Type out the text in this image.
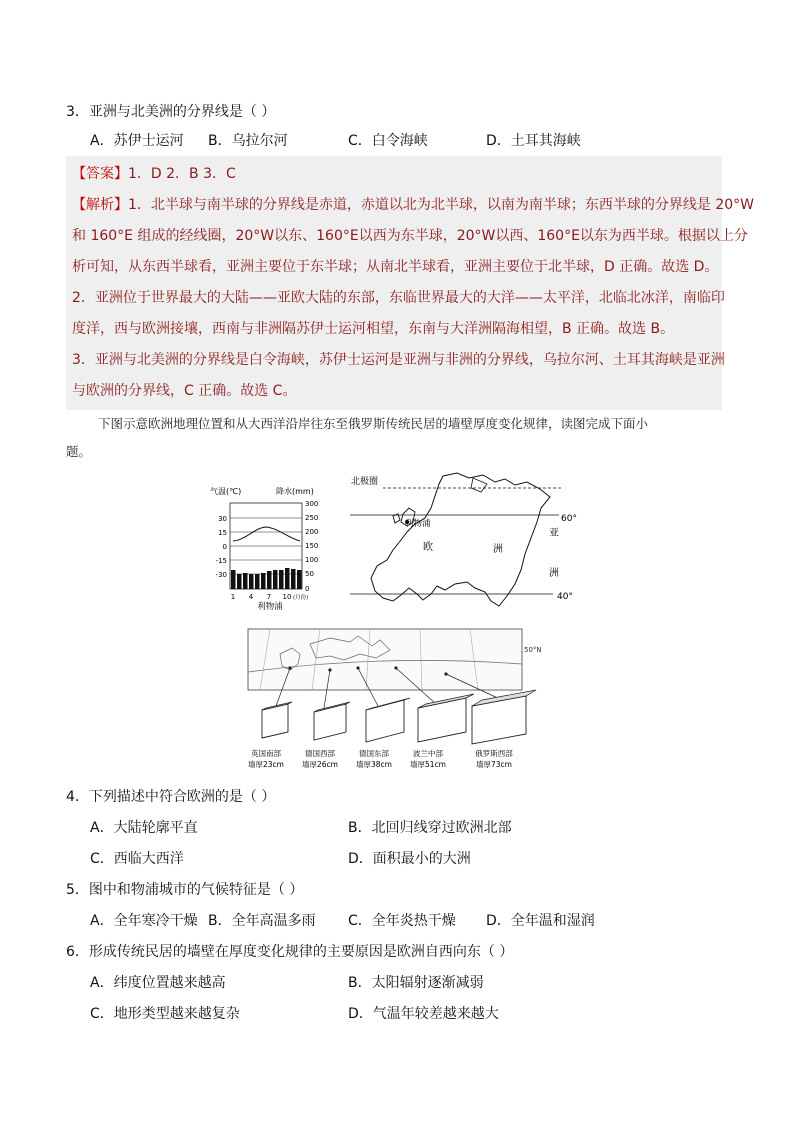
3．亚洲与北美洲的分界线是（ ）
A．苏伊士运河 B．乌拉尔河	C．白令海峡	D．土耳其海峡
【答案】1．D 2．B 3．C
【解析】1．北半球与南半球的分界线是赤道，赤道以北为北半球，以南为南半球；东西半球的分界线是 20°W
和 160°E 组成的经线圈，20°W以东、160°E以西为东半球，20°W以西、160°E以东为西半球。根据以上分
析可知，从东西半球看，亚洲主要位于东半球；从南北半球看，亚洲主要位于北半球，D 正确。故选 D。
2．亚洲位于世界最大的大陆——亚欧大陆的东部，东临世界最大的大洋——太平洋，北临北冰洋，南临印
度洋，西与欧洲接壤，西南与非洲隔苏伊士运河相望，东南与大洋洲隔海相望，B 正确。故选 B。
3．亚洲与北美洲的分界线是白令海峡，苏伊士运河是亚洲与非洲的分界线，乌拉尔河、土耳其海峡是亚洲
与欧洲的分界线，C 正确。故选 C。
下图示意欧洲地理位置和从大西洋沿岸往东至俄罗斯传统民居的墙壁厚度变化规律，读图完成下面小
题。
气温(℃)	降水(mm)
30
15
0
-15
-30
300
250
200
150
100
50
0
1 4 7 10 (月份)
利物浦
北极圈
60°
40°
利物浦
欧	洲
亚
洲
50°N
英国南部
墙厚23cm
德国西部
墙厚26cm
德国东部
墙厚38cm
波兰中部
墙厚51cm
俄罗斯西部
墙厚73cm
4．下列描述中符合欧洲的是（ ）
A．大陆轮廓平直	B．北回归线穿过欧洲北部
C．西临大西洋	D．面积最小的大洲
5．图中和物浦城市的气候特征是（ ）
A．全年寒冷干燥 B．全年高温多雨 C．全年炎热干燥 D．全年温和湿润
6．形成传统民居的墙壁在厚度变化规律的主要原因是欧洲自西向东（ ）
A．纬度位置越来越高	B．太阳辐射逐渐减弱
C．地形类型越来越复杂	D．气温年较差越来越大
